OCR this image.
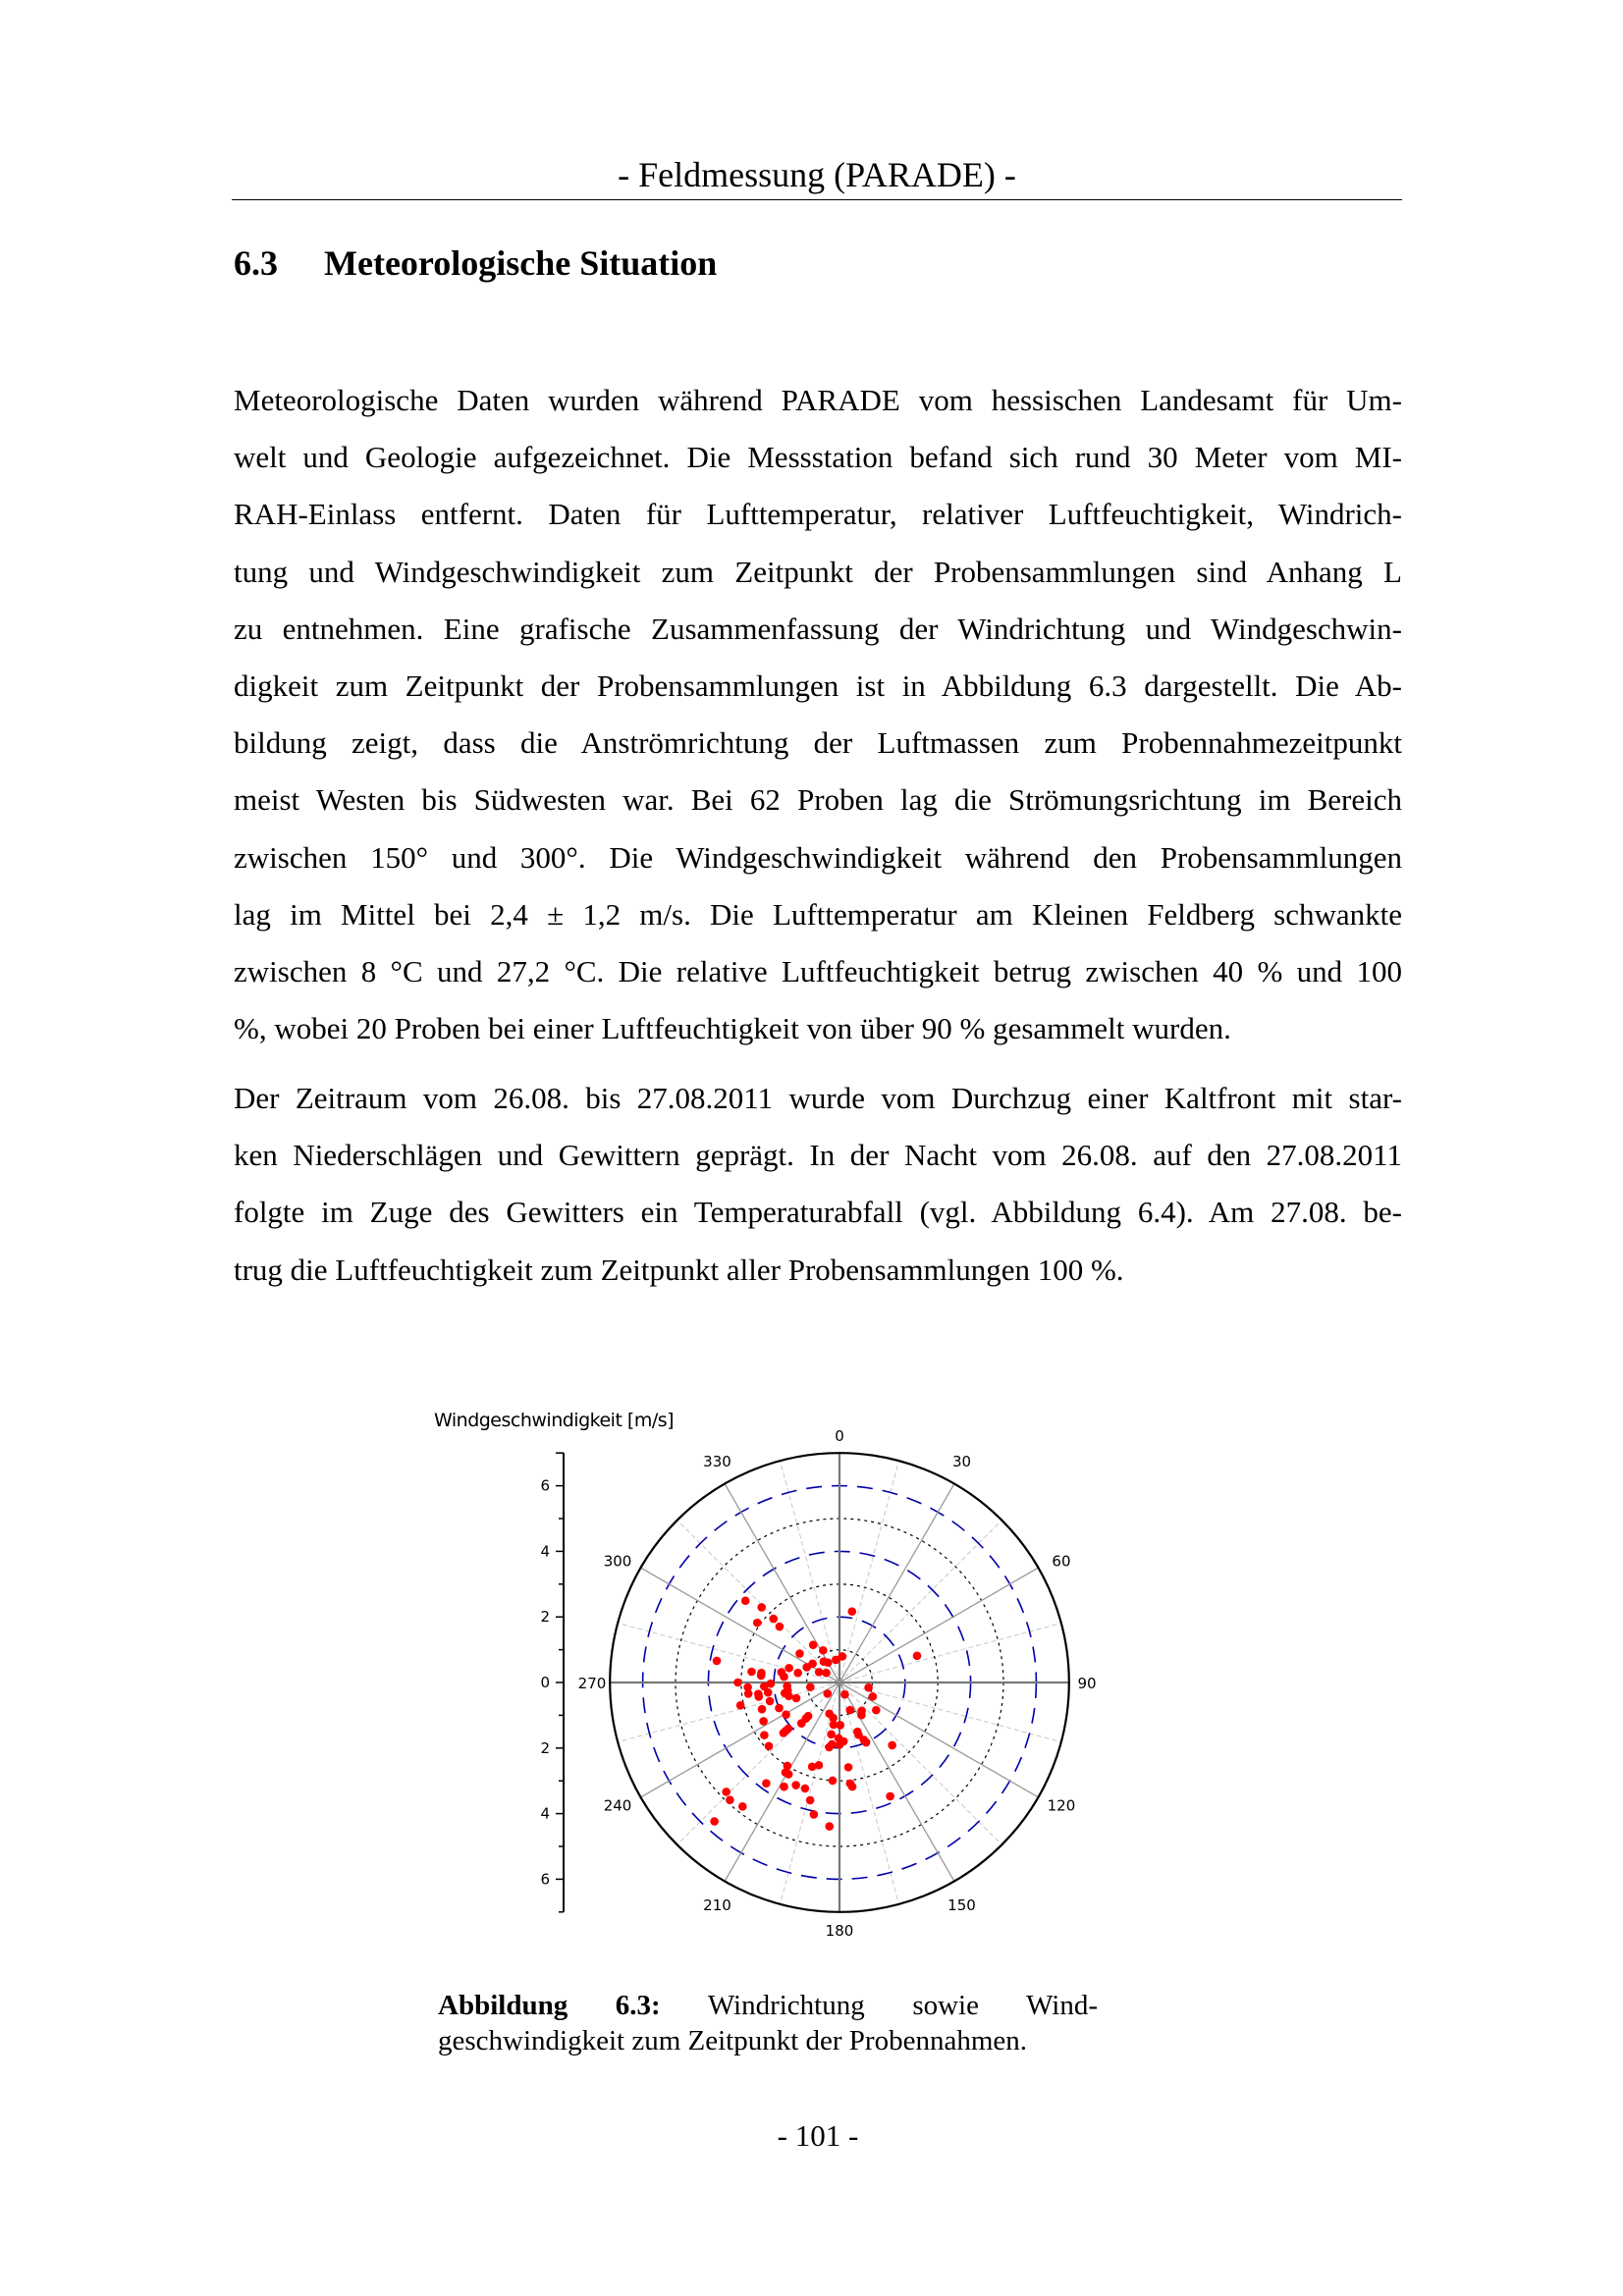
- Feldmessung (PARADE) -
6.3 Meteorologische Situation
Meteorologische Daten wurden während PARADE vom hessischen Landesamt für Um-
welt und Geologie aufgezeichnet. Die Messstation befand sich rund 30 Meter vom MI-
RAH-Einlass entfernt. Daten für Lufttemperatur, relativer Luftfeuchtigkeit, Windrich-
tung und Windgeschwindigkeit zum Zeitpunkt der Probensammlungen sind Anhang L
zu entnehmen. Eine grafische Zusammenfassung der Windrichtung und Windgeschwin-
digkeit zum Zeitpunkt der Probensammlungen ist in Abbildung 6.3 dargestellt. Die Ab-
bildung zeigt, dass die Anströmrichtung der Luftmassen zum Probennahmezeitpunkt
meist Westen bis Südwesten war. Bei 62 Proben lag die Strömungsrichtung im Bereich
zwischen 150° und 300°. Die Windgeschwindigkeit während den Probensammlungen
lag im Mittel bei 2,4 ± 1,2 m/s. Die Lufttemperatur am Kleinen Feldberg schwankte
zwischen 8 °C und 27,2 °C. Die relative Luftfeuchtigkeit betrug zwischen 40 % und 100
%, wobei 20 Proben bei einer Luftfeuchtigkeit von über 90 % gesammelt wurden.
Der Zeitraum vom 26.08. bis 27.08.2011 wurde vom Durchzug einer Kaltfront mit star-
ken Niederschlägen und Gewittern geprägt. In der Nacht vom 26.08. auf den 27.08.2011
folgte im Zuge des Gewitters ein Temperaturabfall (vgl. Abbildung 6.4). Am 27.08. be-
trug die Luftfeuchtigkeit zum Zeitpunkt aller Probensammlungen 100 %.
0
30
60
90
120
150
180
210
240
270
300
330
6
4
2
0
2
4
6
Windgeschwindigkeit [m/s]
Abbildung 6.3: Windrichtung sowie Wind-
geschwindigkeit zum Zeitpunkt der Probennahmen.
- 101 -
